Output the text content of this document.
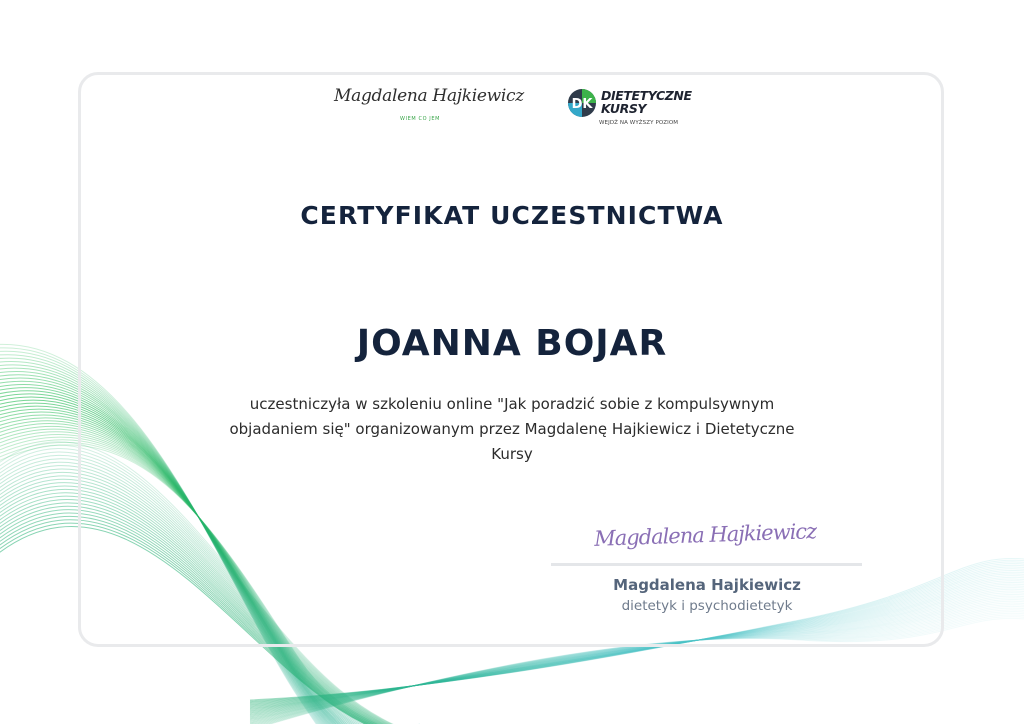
Magdalena Hajkiewicz
WIEM CO JEM
DK
DIETETYCZNE
KURSY
WEJDŹ NA WYŻSZY POZIOM
CERTYFIKAT UCZESTNICTWA
JOANNA BOJAR
uczestniczyła w szkoleniu online "Jak poradzić sobie z kompulsywnym objadaniem się" organizowanym przez Magdalenę Hajkiewicz i Dietetyczne Kursy
Magdalena Hajkiewicz
Magdalena Hajkiewicz
dietetyk i psychodietetyk
